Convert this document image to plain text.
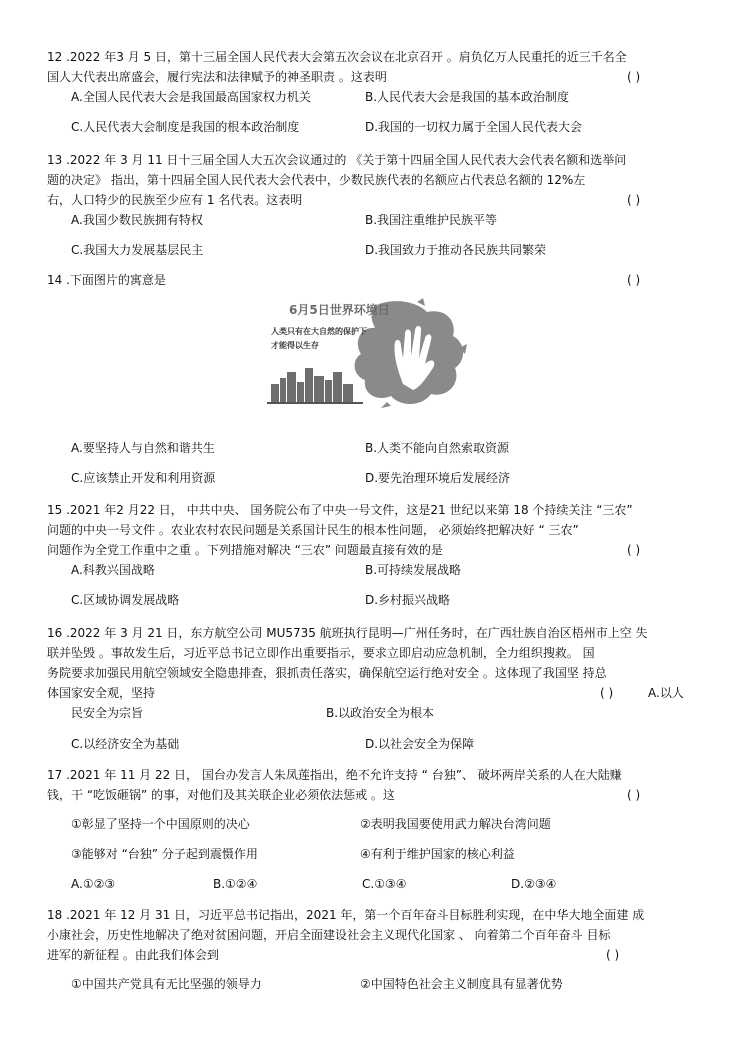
12 .2022 年3 月 5 日，第十三届全国人民代表大会第五次会议在北京召开 。肩负亿万人民重托的近三千名全
国人大代表出席盛会，履行宪法和法律赋予的神圣职责 。这表明	( )
A.全国人民代表大会是我国最高国家权力机关	B.人民代表大会是我国的基本政治制度
C.人民代表大会制度是我国的根本政治制度	D.我国的一切权力属于全国人民代表大会
13 .2022 年 3 月 11 日十三届全国人大五次会议通过的 《关于第十四届全国人民代表大会代表名额和选举问
题的决定》 指出，第十四届全国人民代表大会代表中，少数民族代表的名额应占代表总名额的 12%左
右，人口特少的民族至少应有 1 名代表。这表明	( )
A.我国少数民族拥有特权	B.我国注重维护民族平等
C.我国大力发展基层民主	D.我国致力于推动各民族共同繁荣
14 .下面图片的寓意是	( )
6月5日世界环境日
人类只有在大自然的保护下
才能得以生存
A.要坚持人与自然和谐共生	B.人类不能向自然索取资源
C.应该禁止开发和利用资源	D.要先治理环境后发展经济
15 .2021 年2 月22 日， 中共中央、 国务院公布了中央一号文件，这是21 世纪以来第 18 个持续关注 “三农”
问题的中央一号文件 。农业农村农民问题是关系国计民生的根本性问题， 必须始终把解决好 “ 三农”
问题作为全党工作重中之重 。下列措施对解决 “三农” 问题最直接有效的是	( )
A.科教兴国战略	B.可持续发展战略
C.区域协调发展战略	D.乡村振兴战略
16 .2022 年 3 月 21 日，东方航空公司 MU5735 航班执行昆明—广州任务时，在广西壮族自治区梧州市上空 失
联并坠毁 。事故发生后，习近平总书记立即作出重要指示，要求立即启动应急机制，全力组织搜救。 国
务院要求加强民用航空领域安全隐患排查，狠抓责任落实，确保航空运行绝对安全 。这体现了我国坚 持总
体国家安全观，坚持	( )	A.以人
民安全为宗旨	B.以政治安全为根本
C.以经济安全为基础	D.以社会安全为保障
17 .2021 年 11 月 22 日， 国台办发言人朱凤莲指出，绝不允许支持 “ 台独”、 破坏两岸关系的人在大陆赚
钱，干 “吃饭砸锅” 的事，对他们及其关联企业必须依法惩戒 。这	( )
①彰显了坚持一个中国原则的决心	②表明我国要使用武力解决台湾问题
③能够对 “台独” 分子起到震慑作用	④有利于维护国家的核心利益
A.①②③	B.①②④	C.①③④	D.②③④
18 .2021 年 12 月 31 日，习近平总书记指出，2021 年，第一个百年奋斗目标胜利实现，在中华大地全面建 成
小康社会，历史性地解决了绝对贫困问题，开启全面建设社会主义现代化国家 、 向着第二个百年奋斗 目标
进军的新征程 。由此我们体会到	( )
①中国共产党具有无比坚强的领导力	②中国特色社会主义制度具有显著优势
